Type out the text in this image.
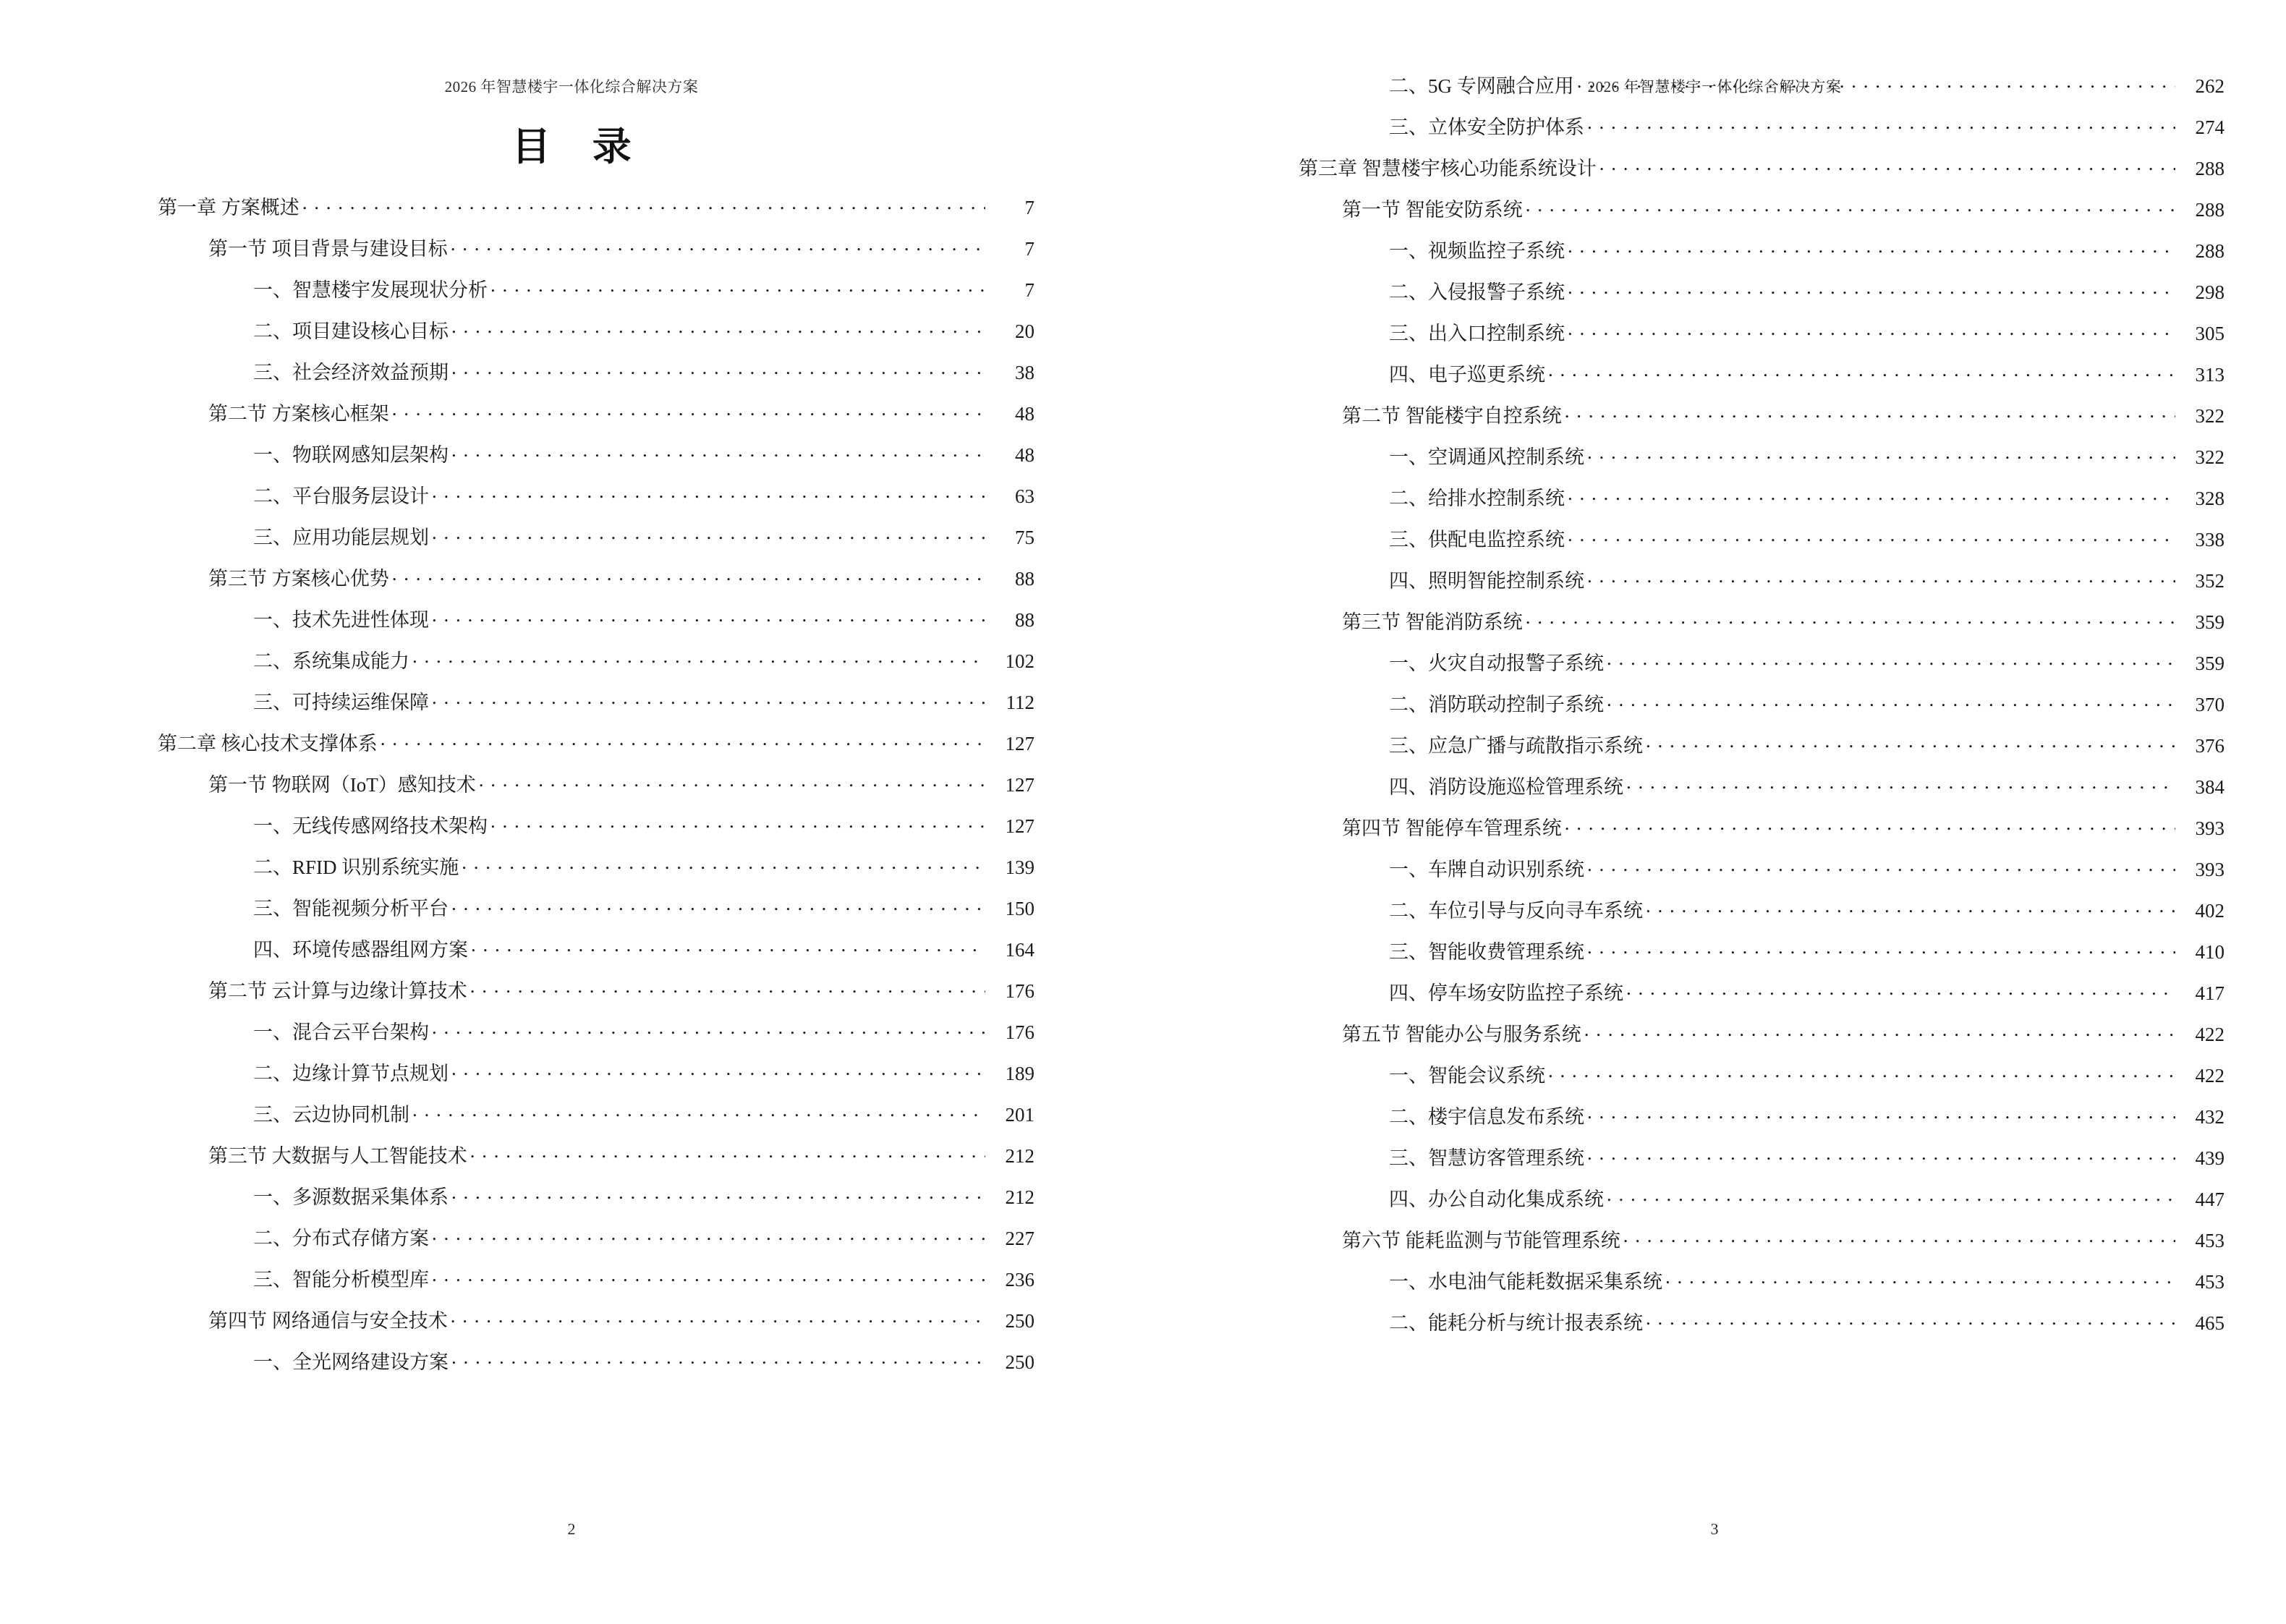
2026 年智慧楼宇一体化综合解决方案
目 录
第一章 方案概述 . . .	7
第一节 项目背景与建设目标 . . .	7
一、智慧楼宇发展现状分析 . . .	7
二、项目建设核心目标 . . .	20
三、社会经济效益预期 . . .	38
第二节 方案核心框架 . . .	48
一、物联网感知层架构 . . .	48
二、平台服务层设计 . . .	63
三、应用功能层规划 . . .	75
第三节 方案核心优势 . . .	88
一、技术先进性体现 . . .	88
二、系统集成能力 . . .	102
三、可持续运维保障 . . .	112
第二章 核心技术支撑体系 . . .	127
第一节 物联网（IoT）感知技术 . . .	127
一、无线传感网络技术架构 . . .	127
二、RFID 识别系统实施 . . .	139
三、智能视频分析平台 . . .	150
四、环境传感器组网方案 . . .	164
第二节 云计算与边缘计算技术 . . .	176
一、混合云平台架构 . . .	176
二、边缘计算节点规划 . . .	189
三、云边协同机制 . . .	201
第三节 大数据与人工智能技术 . . .	212
一、多源数据采集体系 . . .	212
二、分布式存储方案 . . .	227
三、智能分析模型库 . . .	236
第四节 网络通信与安全技术 . . .	250
一、全光网络建设方案 . . .	250
2
2026 年智慧楼宇一体化综合解决方案
二、5G 专网融合应用 . . .	262
三、立体安全防护体系 . . .	274
第三章 智慧楼宇核心功能系统设计 . . .	288
第一节 智能安防系统 . . .	288
一、视频监控子系统 . . .	288
二、入侵报警子系统 . . .	298
三、出入口控制系统 . . .	305
四、电子巡更系统 . . .	313
第二节 智能楼宇自控系统 . . .	322
一、空调通风控制系统 . . .	322
二、给排水控制系统 . . .	328
三、供配电监控系统 . . .	338
四、照明智能控制系统 . . .	352
第三节 智能消防系统 . . .	359
一、火灾自动报警子系统 . . .	359
二、消防联动控制子系统 . . .	370
三、应急广播与疏散指示系统 . . .	376
四、消防设施巡检管理系统 . . .	384
第四节 智能停车管理系统 . . .	393
一、车牌自动识别系统 . . .	393
二、车位引导与反向寻车系统 . . .	402
三、智能收费管理系统 . . .	410
四、停车场安防监控子系统 . . .	417
第五节 智能办公与服务系统 . . .	422
一、智能会议系统 . . .	422
二、楼宇信息发布系统 . . .	432
三、智慧访客管理系统 . . .	439
四、办公自动化集成系统 . . .	447
第六节 能耗监测与节能管理系统 . . .	453
一、水电油气能耗数据采集系统 . . .	453
二、能耗分析与统计报表系统 . . .	465
3
